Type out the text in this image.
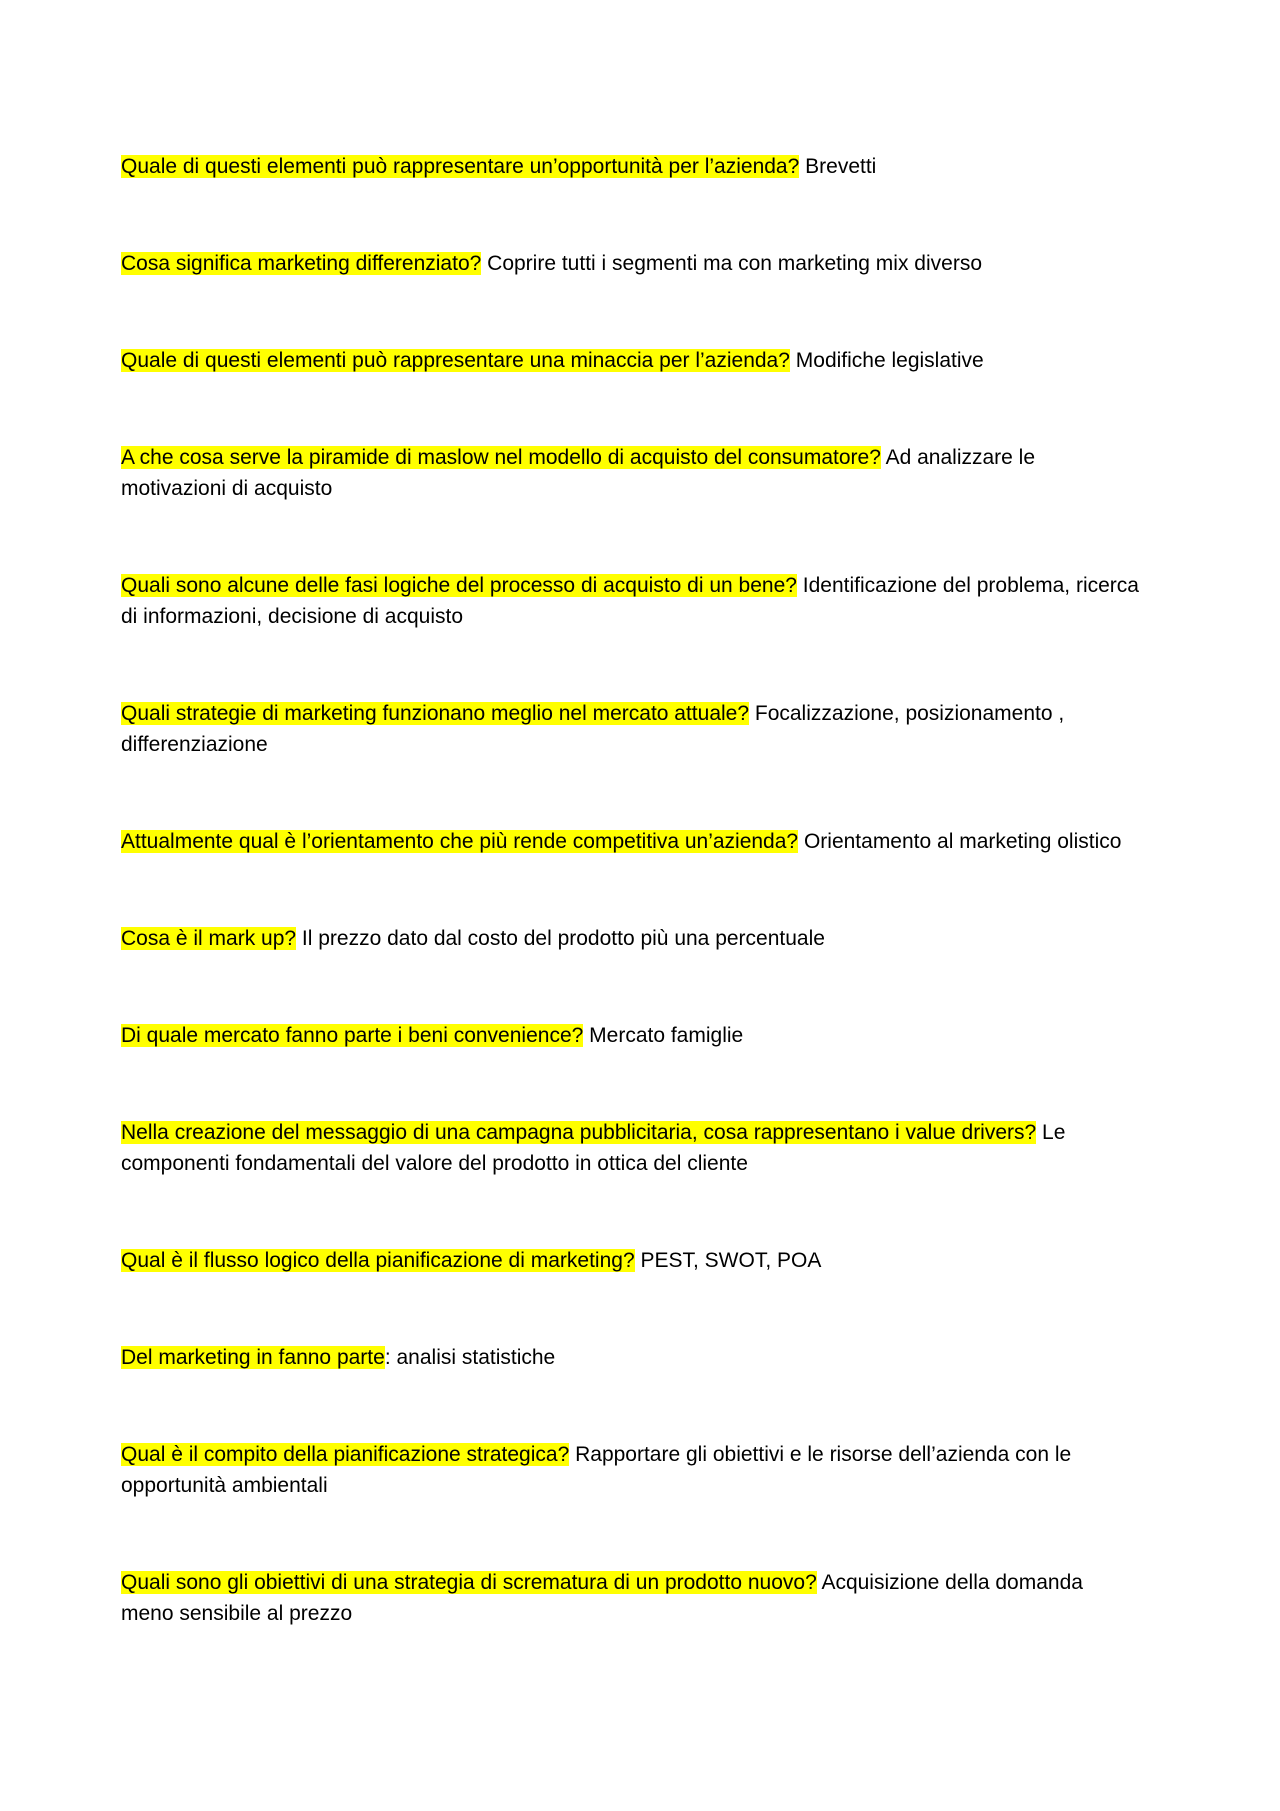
Quale di questi elementi può rappresentare un’opportunità per l’azienda? Brevetti
Cosa significa marketing differenziato? Coprire tutti i segmenti ma con marketing mix diverso
Quale di questi elementi può rappresentare una minaccia per l’azienda? Modifiche legislative
A che cosa serve la piramide di maslow nel modello di acquisto del consumatore? Ad analizzare le motivazioni di acquisto
Quali sono alcune delle fasi logiche del processo di acquisto di un bene? Identificazione del problema, ricerca di informazioni, decisione di acquisto
Quali strategie di marketing funzionano meglio nel mercato attuale? Focalizzazione, posizionamento , differenziazione
Attualmente qual è l’orientamento che più rende competitiva un’azienda? Orientamento al marketing olistico
Cosa è il mark up? Il prezzo dato dal costo del prodotto più una percentuale
Di quale mercato fanno parte i beni convenience? Mercato famiglie
Nella creazione del messaggio di una campagna pubblicitaria, cosa rappresentano i value drivers? Le componenti fondamentali del valore del prodotto in ottica del cliente
Qual è il flusso logico della pianificazione di marketing? PEST, SWOT, POA
Del marketing in fanno parte: analisi statistiche
Qual è il compito della pianificazione strategica? Rapportare gli obiettivi e le risorse dell’azienda con le opportunità ambientali
Quali sono gli obiettivi di una strategia di scrematura di un prodotto nuovo? Acquisizione della domanda meno sensibile al prezzo
